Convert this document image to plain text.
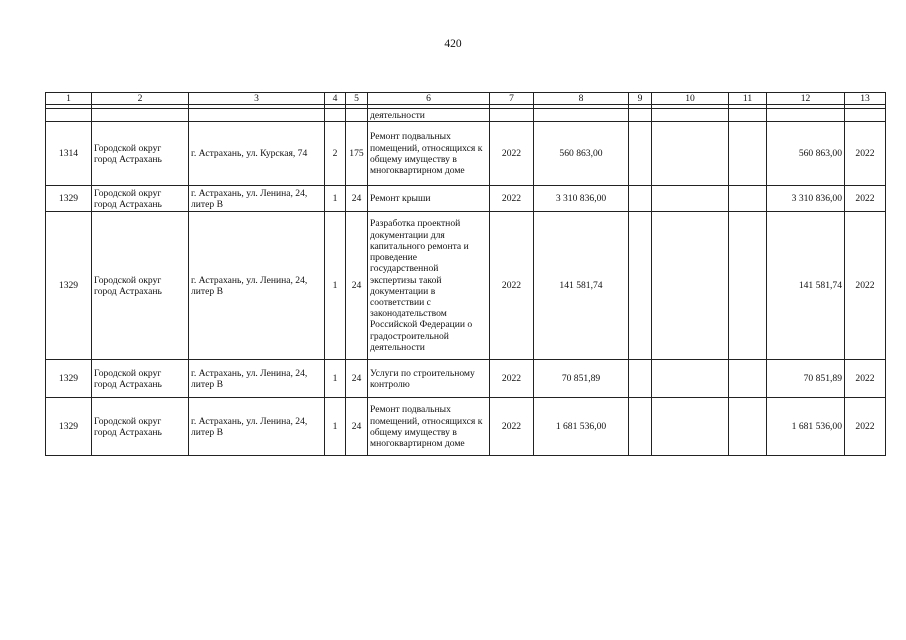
420
1	2	3	4	5	6	7	8	9	10	11	12	13

					деятельности							
1314	Городской округ город Астрахань	г. Астрахань, ул. Курская, 74	2	175	Ремонт подвальных помещений, относящихся к общему имуществу в многоквартирном доме	2022	560 863,00				560 863,00	2022
1329	Городской округ город Астрахань	г. Астрахань, ул. Ленина, 24, литер В	1	24	Ремонт крыши	2022	3 310 836,00				3 310 836,00	2022
1329	Городской округ город Астрахань	г. Астрахань, ул. Ленина, 24, литер В	1	24	Разработка проектной документации для капитального ремонта и проведение государственной экспертизы такой документации в соответствии с законодательством Российской Федерации о градостроительной деятельности	2022	141 581,74				141 581,74	2022
1329	Городской округ город Астрахань	г. Астрахань, ул. Ленина, 24, литер В	1	24	Услуги по строительному контролю	2022	70 851,89				70 851,89	2022
1329	Городской округ город Астрахань	г. Астрахань, ул. Ленина, 24, литер В	1	24	Ремонт подвальных помещений, относящихся к общему имуществу в многоквартирном доме	2022	1 681 536,00				1 681 536,00	2022
